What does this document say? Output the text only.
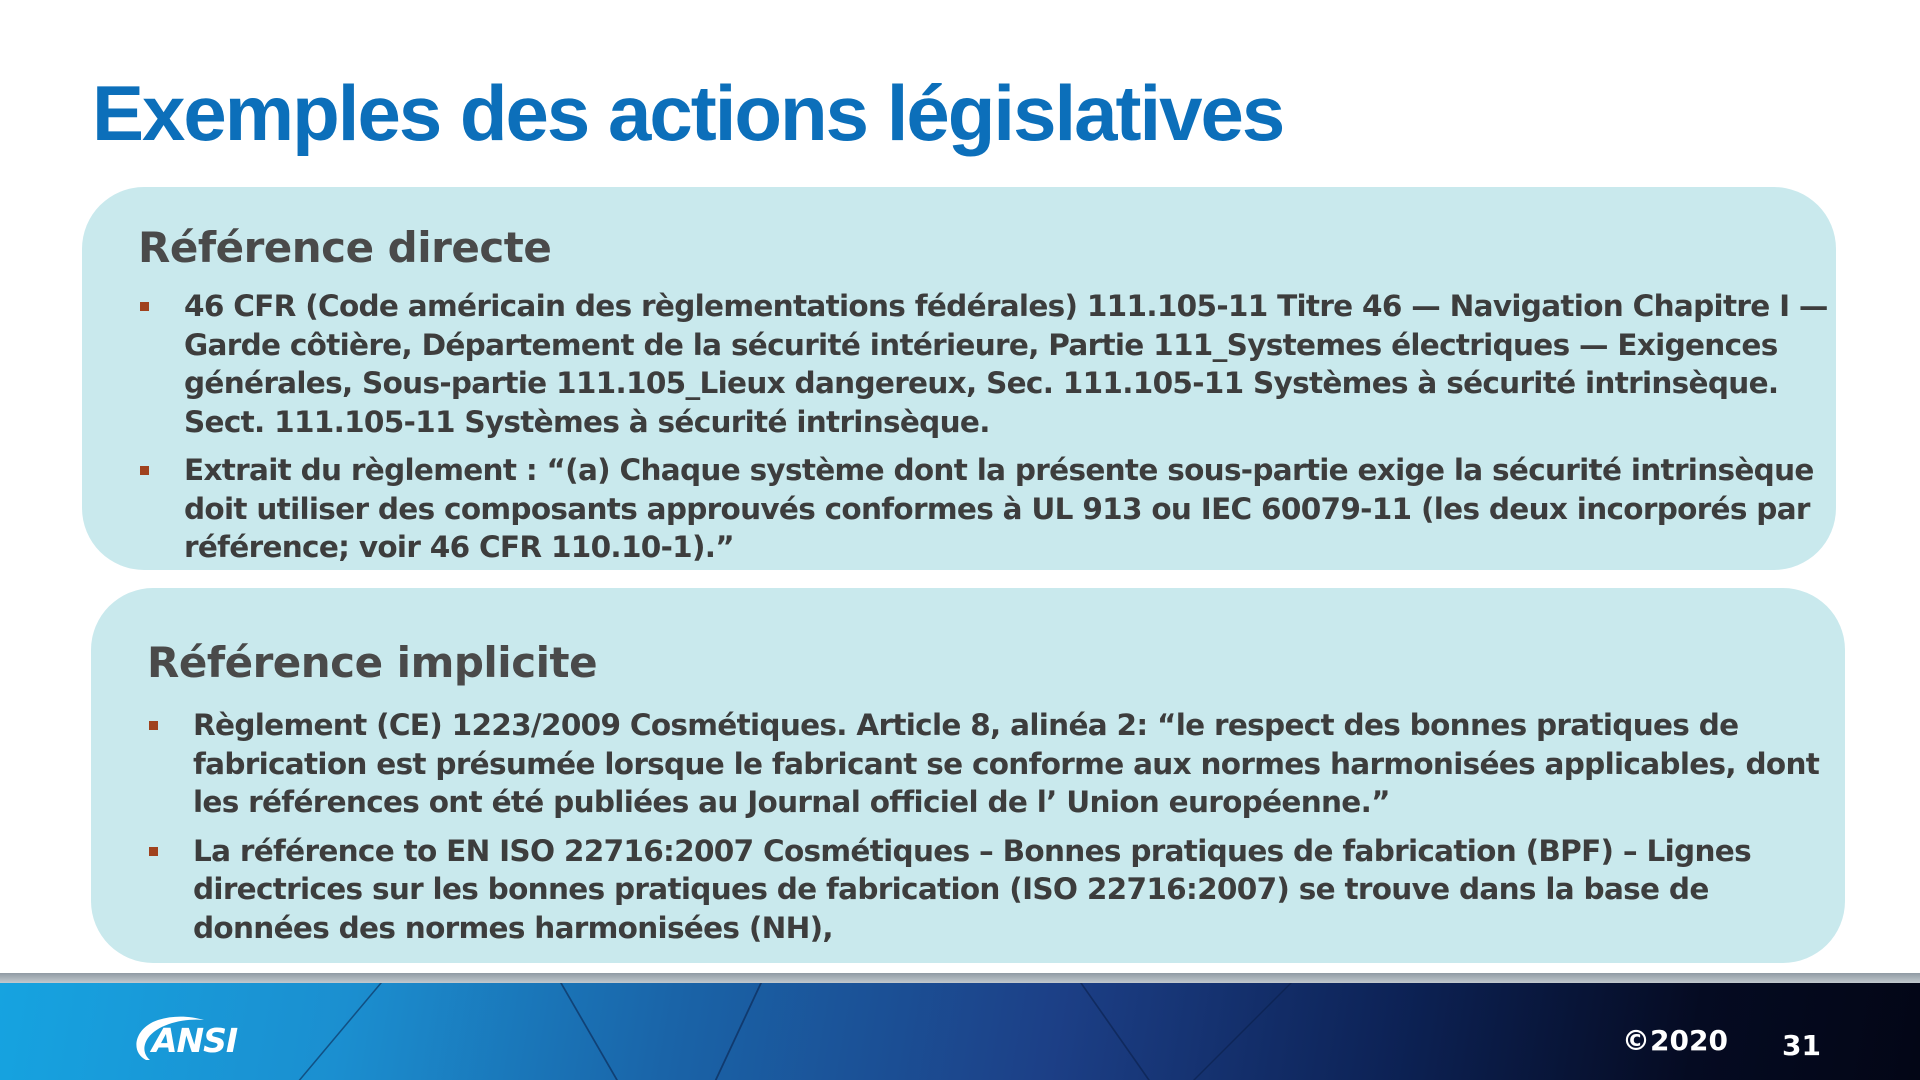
Exemples des actions législatives
Référence directe
46 CFR (Code américain des règlementations fédérales) 111.105-11 Titre 46 — Navigation Chapitre I — Garde côtière, Département de la sécurité intérieure, Partie 111_Systemes électriques — Exigences générales, Sous-partie 111.105_Lieux dangereux, Sec. 111.105-11 Systèmes à sécurité intrinsèque. Sect. 111.105-11 Systèmes à sécurité intrinsèque.
Extrait du règlement : “(a) Chaque système dont la présente sous-partie exige la sécurité intrinsèque doit utiliser des composants approuvés conformes à UL 913 ou IEC 60079-11 (les deux incorporés par référence; voir 46 CFR 110.10-1).”
Référence implicite
Règlement (CE) 1223/2009 Cosmétiques. Article 8, alinéa 2: “le respect des bonnes pratiques de fabrication est présumée lorsque le fabricant se conforme aux normes harmonisées applicables, dont les références ont été publiées au Journal officiel de l’ Union européenne.”
La référence to EN ISO 22716:2007 Cosmétiques – Bonnes pratiques de fabrication (BPF) – Lignes directrices sur les bonnes pratiques de fabrication (ISO 22716:2007) se trouve dans la base de données des normes harmonisées (NH),
ANSI	©2020 31
